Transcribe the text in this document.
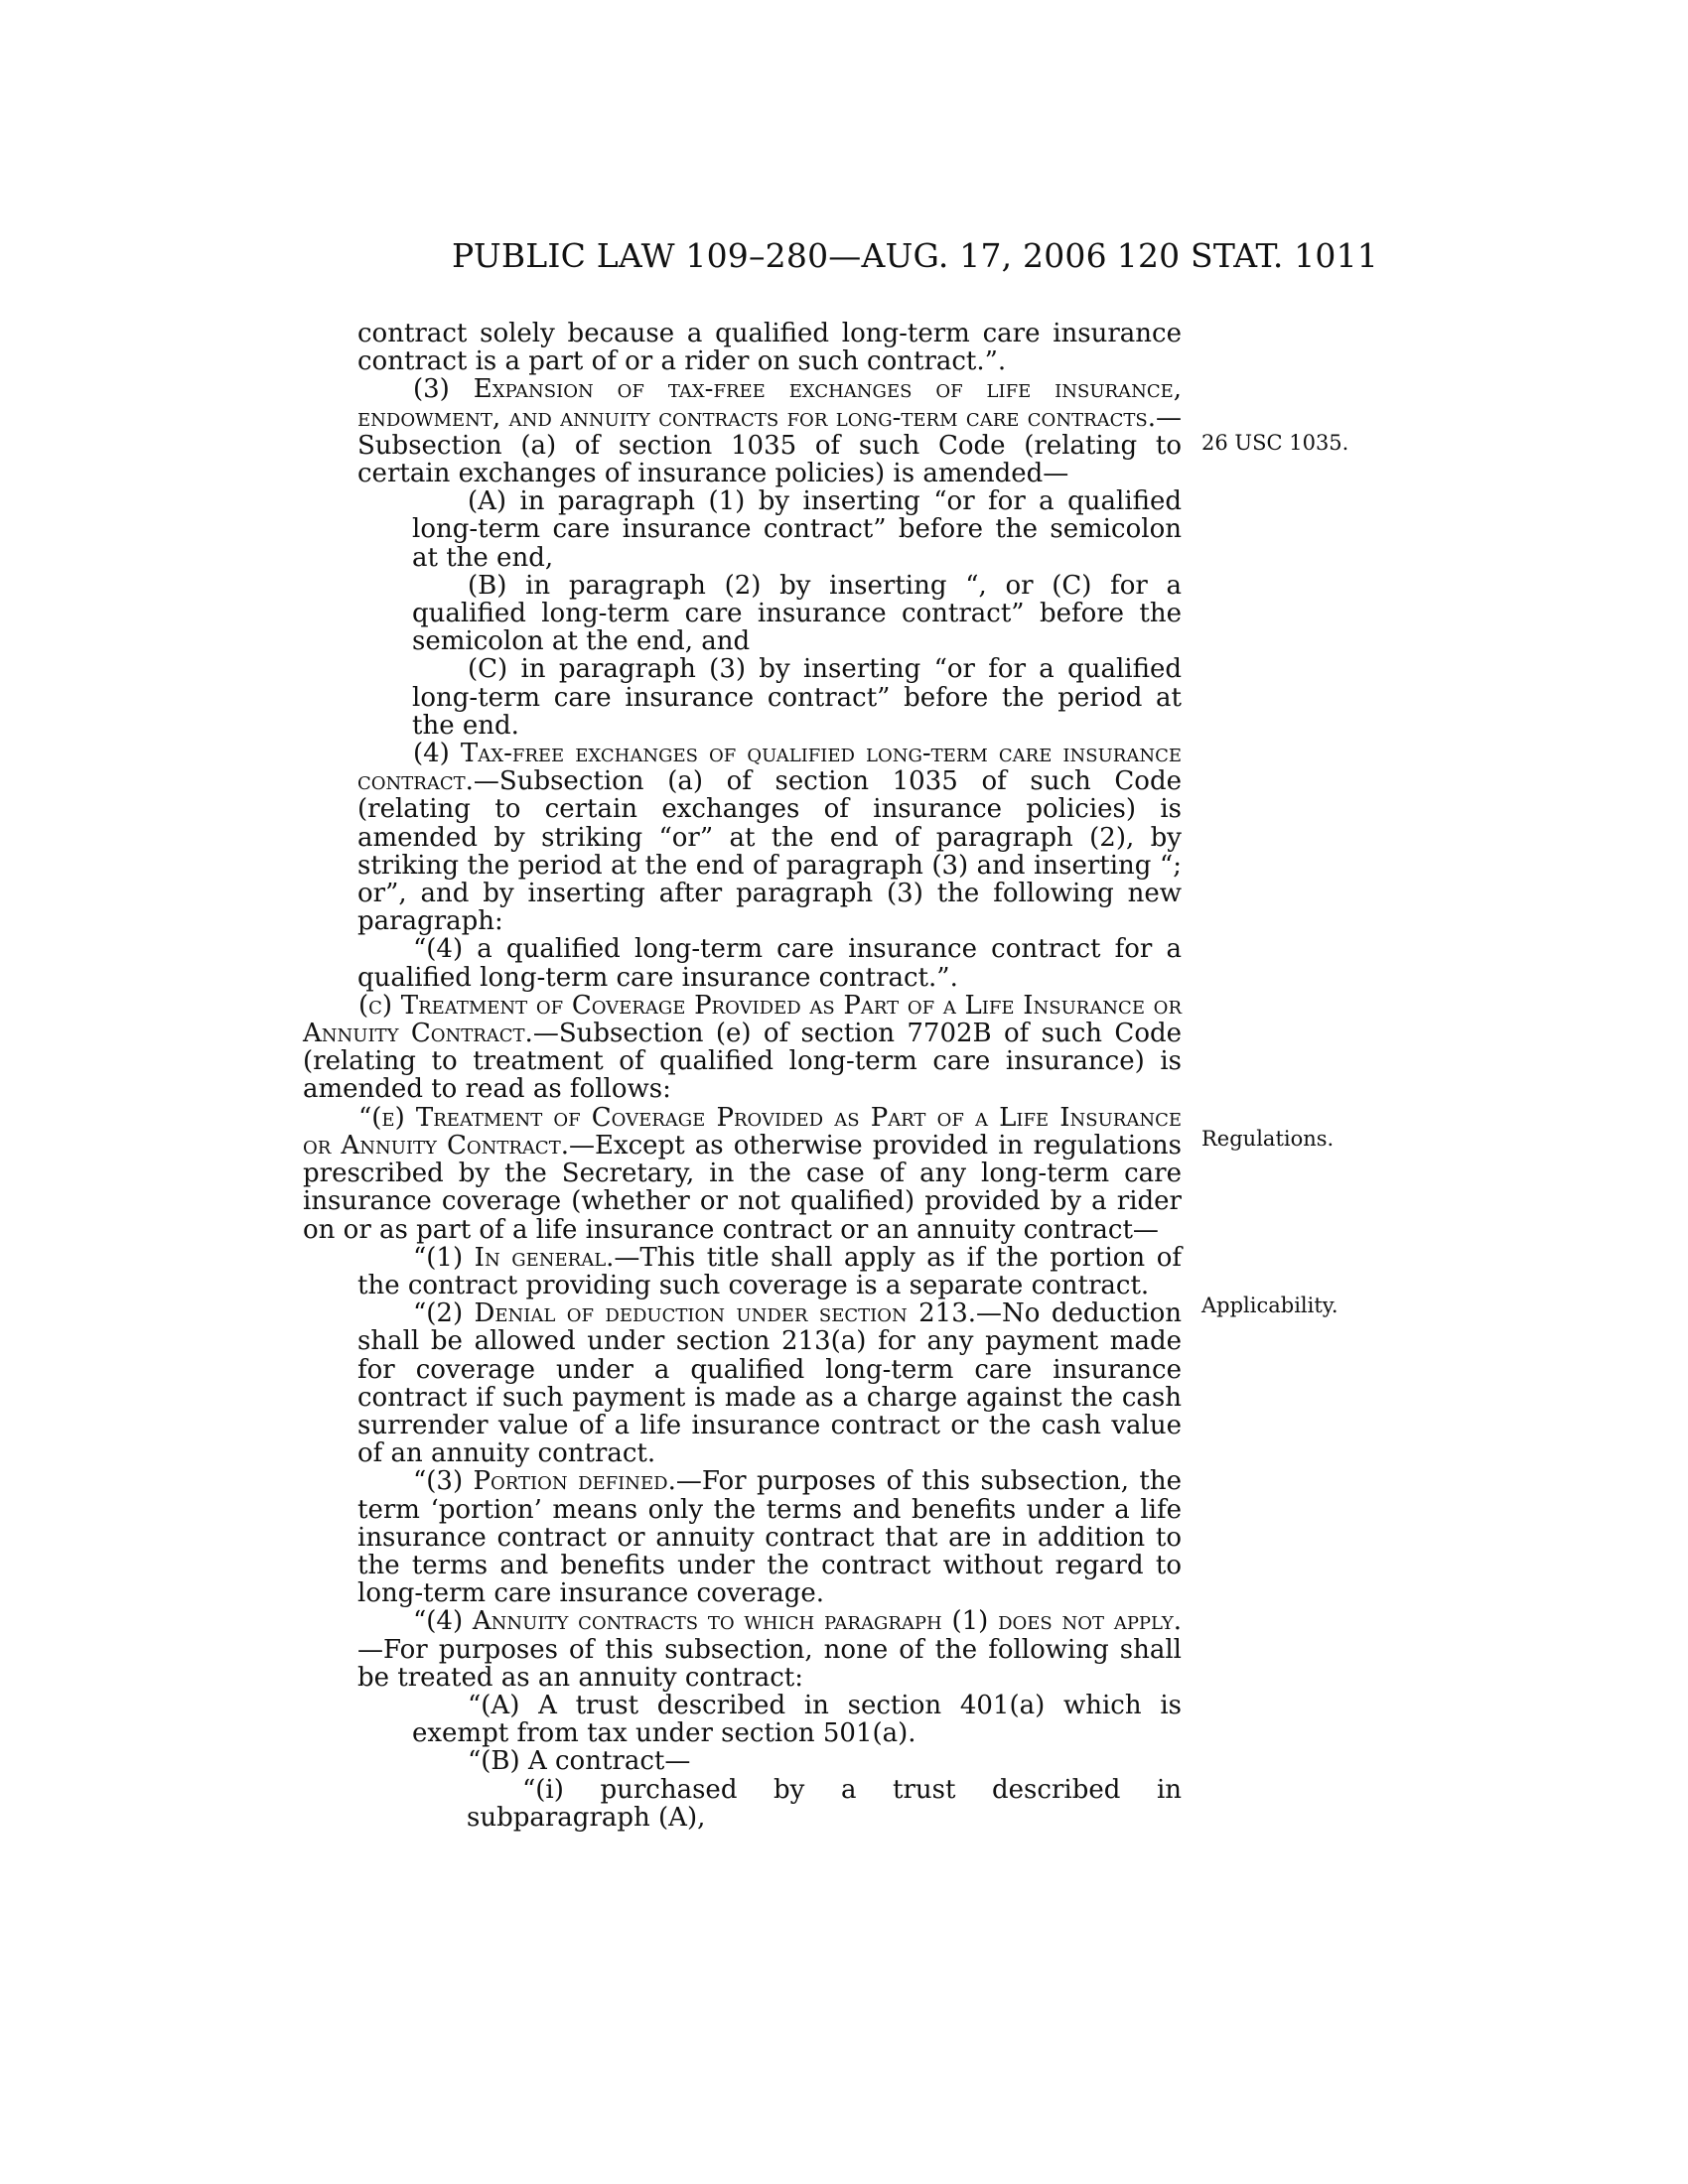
PUBLIC LAW 109–280—AUG. 17, 2006 120 STAT. 1011
26 USC 1035.
Regulations.
Applicability.

contract solely because a qualified long-term care insurance contract is a part of or a rider on such contract.”.

(3) Expansion of tax-free exchanges of life insurance, endowment, and annuity contracts for long-term care contracts.—Subsection (a) of section 1035 of such Code (relating to certain exchanges of insurance policies) is amended—

(A) in paragraph (1) by inserting “or for a qualified long-term care insurance contract” before the semicolon at the end,

(B) in paragraph (2) by inserting “, or (C) for a qualified long-term care insurance contract” before the semicolon at the end, and

(C) in paragraph (3) by inserting “or for a qualified long-term care insurance contract” before the period at the end.

(4) Tax-free exchanges of qualified long-term care insurance contract.—Subsection (a) of section 1035 of such Code (relating to certain exchanges of insurance policies) is amended by striking “or” at the end of paragraph (2), by striking the period at the end of paragraph (3) and inserting “; or”, and by inserting after paragraph (3) the following new paragraph:

“(4) a qualified long-term care insurance contract for a qualified long-term care insurance contract.”.

(c) Treatment of Coverage Provided as Part of a Life Insurance or Annuity Contract.—Subsection (e) of section 7702B of such Code (relating to treatment of qualified long-term care insurance) is amended to read as follows:

“(e) Treatment of Coverage Provided as Part of a Life Insurance or Annuity Contract.—Except as otherwise provided in regulations prescribed by the Secretary, in the case of any long-term care insurance coverage (whether or not qualified) provided by a rider on or as part of a life insurance contract or an annuity contract—

“(1) In general.—This title shall apply as if the portion of the contract providing such coverage is a separate contract.

“(2) Denial of deduction under section 213.—No deduction shall be allowed under section 213(a) for any payment made for coverage under a qualified long-term care insurance contract if such payment is made as a charge against the cash surrender value of a life insurance contract or the cash value of an annuity contract.

“(3) Portion defined.—For purposes of this subsection, the term ‘portion’ means only the terms and benefits under a life insurance contract or annuity contract that are in addition to the terms and benefits under the contract without regard to long-term care insurance coverage.

“(4) Annuity contracts to which paragraph (1) does not apply.—For purposes of this subsection, none of the following shall be treated as an annuity contract:

“(A) A trust described in section 401(a) which is exempt from tax under section 501(a).

“(B) A contract—

“(i) purchased by a trust described in subparagraph (A),
